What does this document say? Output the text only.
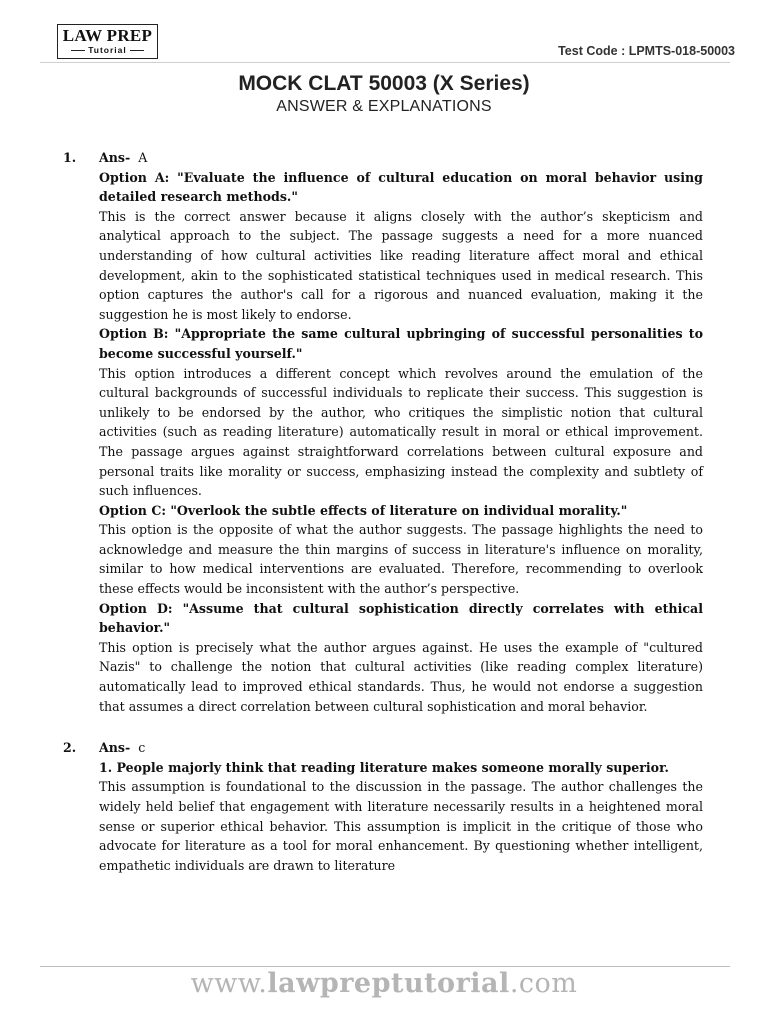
LAW PREP
Tutorial	Test Code : LPMTS-018-50003
MOCK CLAT 50003 (X Series)
ANSWER & EXPLANATIONS
1. Ans- A

Option A: "Evaluate the influence of cultural education on moral behavior using detailed research methods."

This is the correct answer because it aligns closely with the author’s skepticism and analytical approach to the subject. The passage suggests a need for a more nuanced understanding of how cultural activities like reading literature affect moral and ethical development, akin to the sophisticated statistical techniques used in medical research. This option captures the author's call for a rigorous and nuanced evaluation, making it the suggestion he is most likely to endorse.

Option B: "Appropriate the same cultural upbringing of successful personalities to become successful yourself."

This option introduces a different concept which revolves around the emulation of the cultural backgrounds of successful individuals to replicate their success. This suggestion is unlikely to be endorsed by the author, who critiques the simplistic notion that cultural activities (such as reading literature) automatically result in moral or ethical improvement. The passage argues against straightforward correlations between cultural exposure and personal traits like morality or success, emphasizing instead the complexity and subtlety of such influences.

Option C: "Overlook the subtle effects of literature on individual morality."

This option is the opposite of what the author suggests. The passage highlights the need to acknowledge and measure the thin margins of success in literature's influence on morality, similar to how medical interventions are evaluated. Therefore, recommending to overlook these effects would be inconsistent with the author’s perspective.

Option D: "Assume that cultural sophistication directly correlates with ethical behavior."

This option is precisely what the author argues against. He uses the example of "cultured Nazis" to challenge the notion that cultural activities (like reading complex literature) automatically lead to improved ethical standards. Thus, he would not endorse a suggestion that assumes a direct correlation between cultural sophistication and moral behavior.

2. Ans- c

1. People majorly think that reading literature makes someone morally superior.

This assumption is foundational to the discussion in the passage. The author challenges the widely held belief that engagement with literature necessarily results in a heightened moral sense or superior ethical behavior. This assumption is implicit in the critique of those who advocate for literature as a tool for moral enhancement. By questioning whether intelligent, empathetic individuals are drawn to literature

www.lawpreptutorial.com
